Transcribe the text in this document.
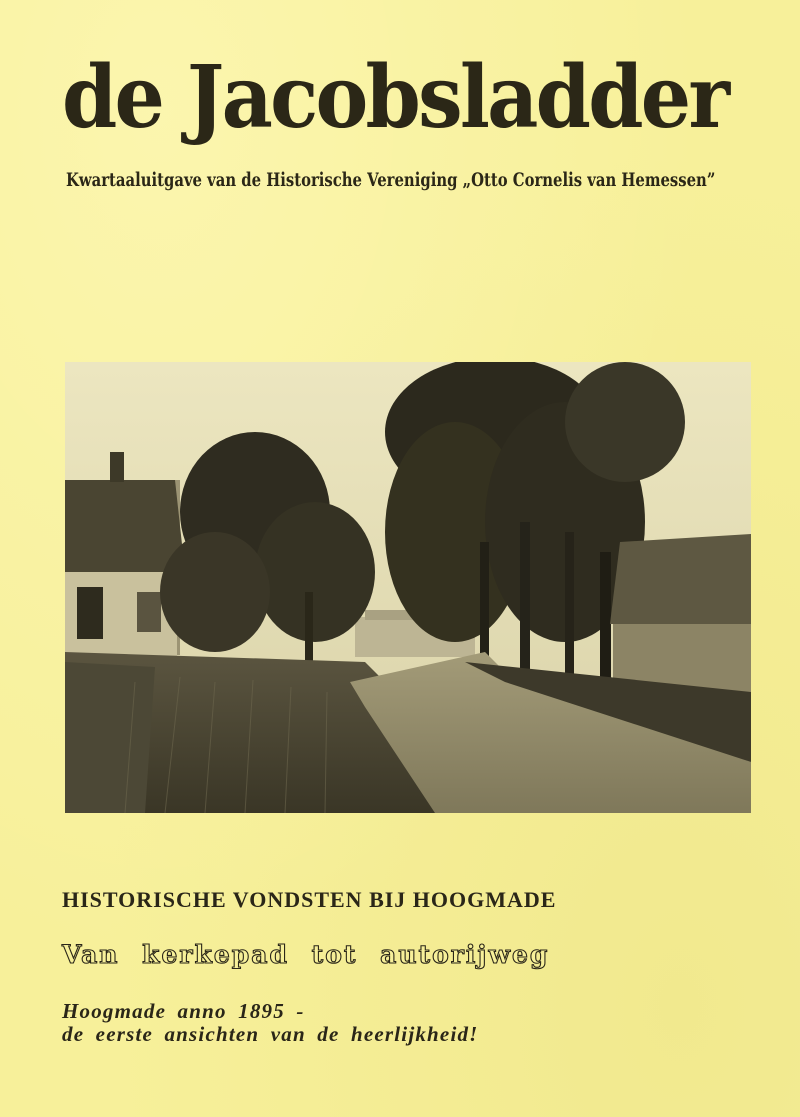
de Jacobsladder
Kwartaaluitgave van de Historische Vereniging „Otto Cornelis van Hemessen”
HISTORISCHE VONDSTEN BIJ HOOGMADE
Van kerkepad tot autorijweg
Hoogmade anno 1895 -
de eerste ansichten van de heerlijkheid!
